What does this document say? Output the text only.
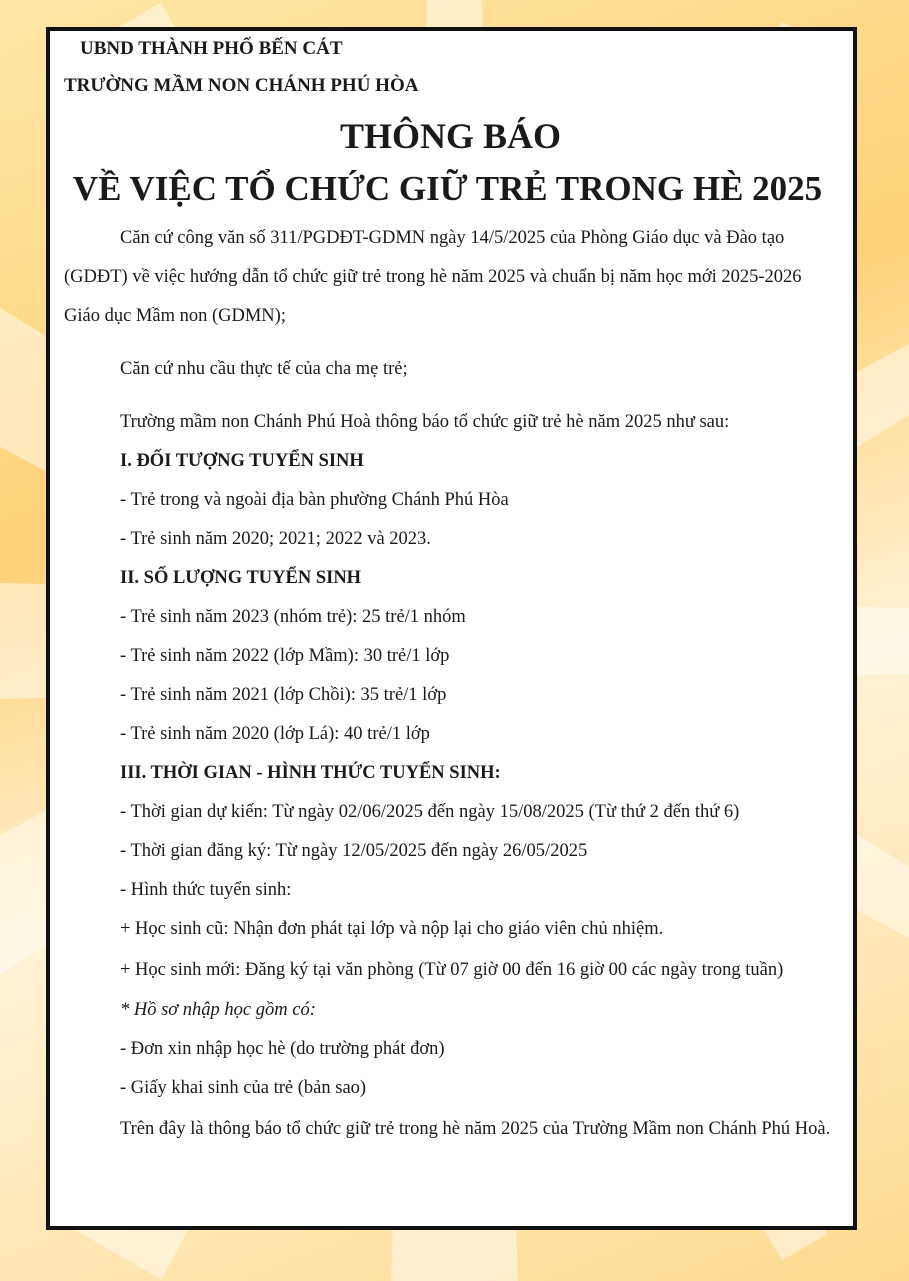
UBND THÀNH PHỐ BẾN CÁT

TRƯỜNG MẦM NON CHÁNH PHÚ HÒA

THÔNG BÁO
VỀ VIỆC TỔ CHỨC GIỮ TRẺ TRONG HÈ 2025

Căn cứ công văn số 311/PGDĐT-GDMN ngày 14/5/2025 của Phòng Giáo dục và Đào tạo (GDĐT) về việc hướng dẫn tổ chức giữ trẻ trong hè năm 2025 và chuẩn bị năm học mới 2025-2026 Giáo dục Mầm non (GDMN);

Căn cứ nhu cầu thực tế của cha mẹ trẻ;

Trường mầm non Chánh Phú Hoà thông báo tổ chức giữ trẻ hè năm 2025 như sau:

I. ĐỐI TƯỢNG TUYỂN SINH

- Trẻ trong và ngoài địa bàn phường Chánh Phú Hòa

- Trẻ sinh năm 2020; 2021; 2022 và 2023.

II. SỐ LƯỢNG TUYỂN SINH

- Trẻ sinh năm 2023 (nhóm trẻ): 25 trẻ/1 nhóm

- Trẻ sinh năm 2022 (lớp Mầm): 30 trẻ/1 lớp

- Trẻ sinh năm 2021 (lớp Chồi): 35 trẻ/1 lớp

- Trẻ sinh năm 2020 (lớp Lá): 40 trẻ/1 lớp

III. THỜI GIAN - HÌNH THỨC TUYỂN SINH:

- Thời gian dự kiến: Từ ngày 02/06/2025 đến ngày 15/08/2025 (Từ thứ 2 đến thứ 6)

- Thời gian đăng ký: Từ ngày 12/05/2025 đến ngày 26/05/2025

- Hình thức tuyển sinh:

+ Học sinh cũ: Nhận đơn phát tại lớp và nộp lại cho giáo viên chủ nhiệm.

+ Học sinh mới: Đăng ký tại văn phòng (Từ 07 giờ 00 đến 16 giờ 00 các ngày trong tuần)

* Hồ sơ nhập học gồm có:

- Đơn xin nhập học hè (do trường phát đơn)

- Giấy khai sinh của trẻ (bản sao)

Trên đây là thông báo tổ chức giữ trẻ trong hè năm 2025 của Trường Mầm non Chánh Phú Hoà.
